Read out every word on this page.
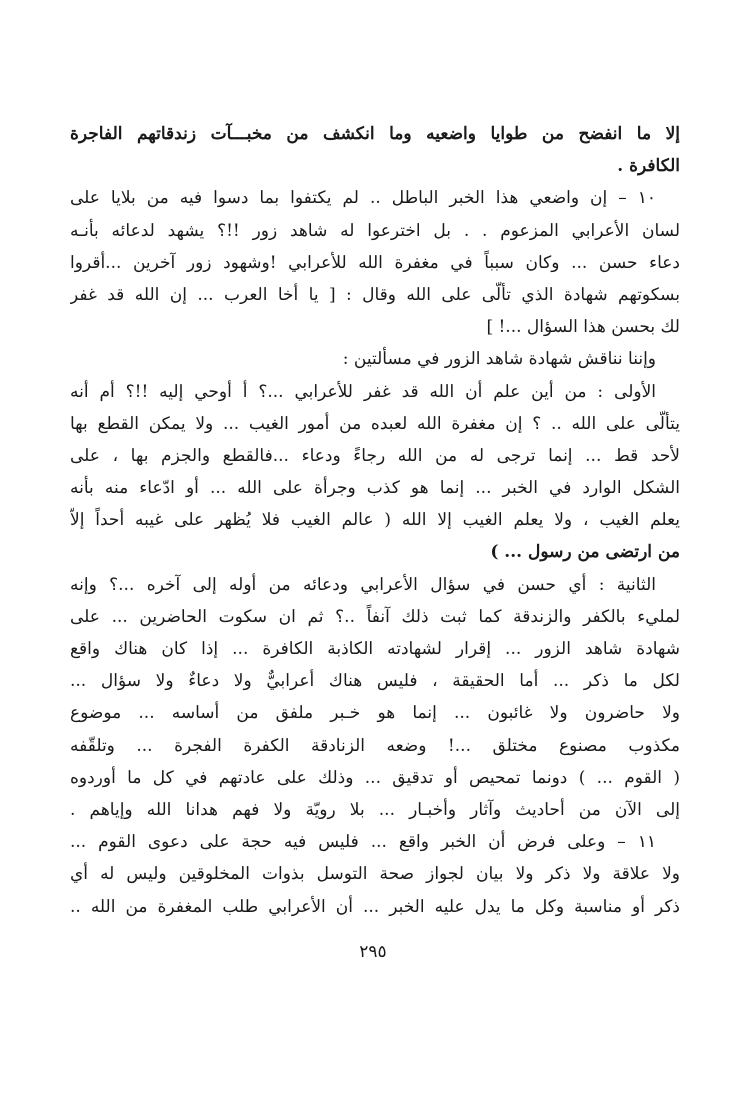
إلا ما انفضح من طوايا واضعيه وما انكشف من مخبـــآت زندقاتهم الفاجرة
الكافرة .
١٠ – إن واضعي هذا الخبر الباطل .. لم يكتفوا بما دسوا فيه من بلايا على
لسان الأعرابي المزعوم . . بل اخترعوا له شاهد زور !!؟ يشهد لدعائه بأنـه
دعاء حسن ... وكان سبباً في مغفرة الله للأعرابي !وشهود زور آخرين ...أقروا
بسكوتهم شهادة الذي تألّى على الله وقال : [ يا أخا العرب ... إن الله قد غفر
لك بحسن هذا السؤال ...! ]
وإننا نناقش شهادة شاهد الزور في مسألتين :
الأولى : من أين علم أن الله قد غفر للأعرابي ...؟ أ أوحي إليه !!؟ أم أنه
يتألّى على الله .. ؟ إن مغفرة الله لعبده من أمور الغيب ... ولا يمكن القطع بها
لأحد قط ... إنما ترجى له من الله رجاءً ودعاء ...فالقطع والجزم بها ، على
الشكل الوارد في الخبر ... إنما هو كذب وجرأة على الله ... أو ادّعاء منه بأنه
يعلم الغيب ، ولا يعلم الغيب إلا الله ( عالم الغيب فلا يُظهر على غيبه أحداً إلاّ
من ارتضى من رسول ... )
الثانية : أي حسن في سؤال الأعرابي ودعائه من أوله إلى آخره ...؟ وإنه
لمليء بالكفر والزندقة كما ثبت ذلك آنفاً ..؟ ثم ان سكوت الحاضرين ... على
شهادة شاهد الزور ... إقرار لشهادته الكاذبة الكافرة ... إذا كان هناك واقع
لكل ما ذكر ... أما الحقيقة ، فليس هناك أعرابيٌّ ولا دعاءٌ ولا سؤال ...
ولا حاضرون ولا غائبون ... إنما هو خـبر ملفق من أساسه ... موضوع
مكذوب مصنوع مختلق ...! وضعه الزنادقة الكفرة الفجرة ... وتلقّفه
( القوم ... ) دونما تمحيص أو تدقيق ... وذلك على عادتهم في كل ما أوردوه
إلى الآن من أحاديث وآثار وأخبـار ... بلا رويّة ولا فهم هدانا الله وإياهم .
١١ – وعلى فرض أن الخبر واقع ... فليس فيه حجة على دعوى القوم ...
ولا علاقة ولا ذكر ولا بيان لجواز صحة التوسل بذوات المخلوقين وليس له أي
ذكر أو مناسبة وكل ما يدل عليه الخبر ... أن الأعرابي طلب المغفرة من الله ..
٢٩٥
